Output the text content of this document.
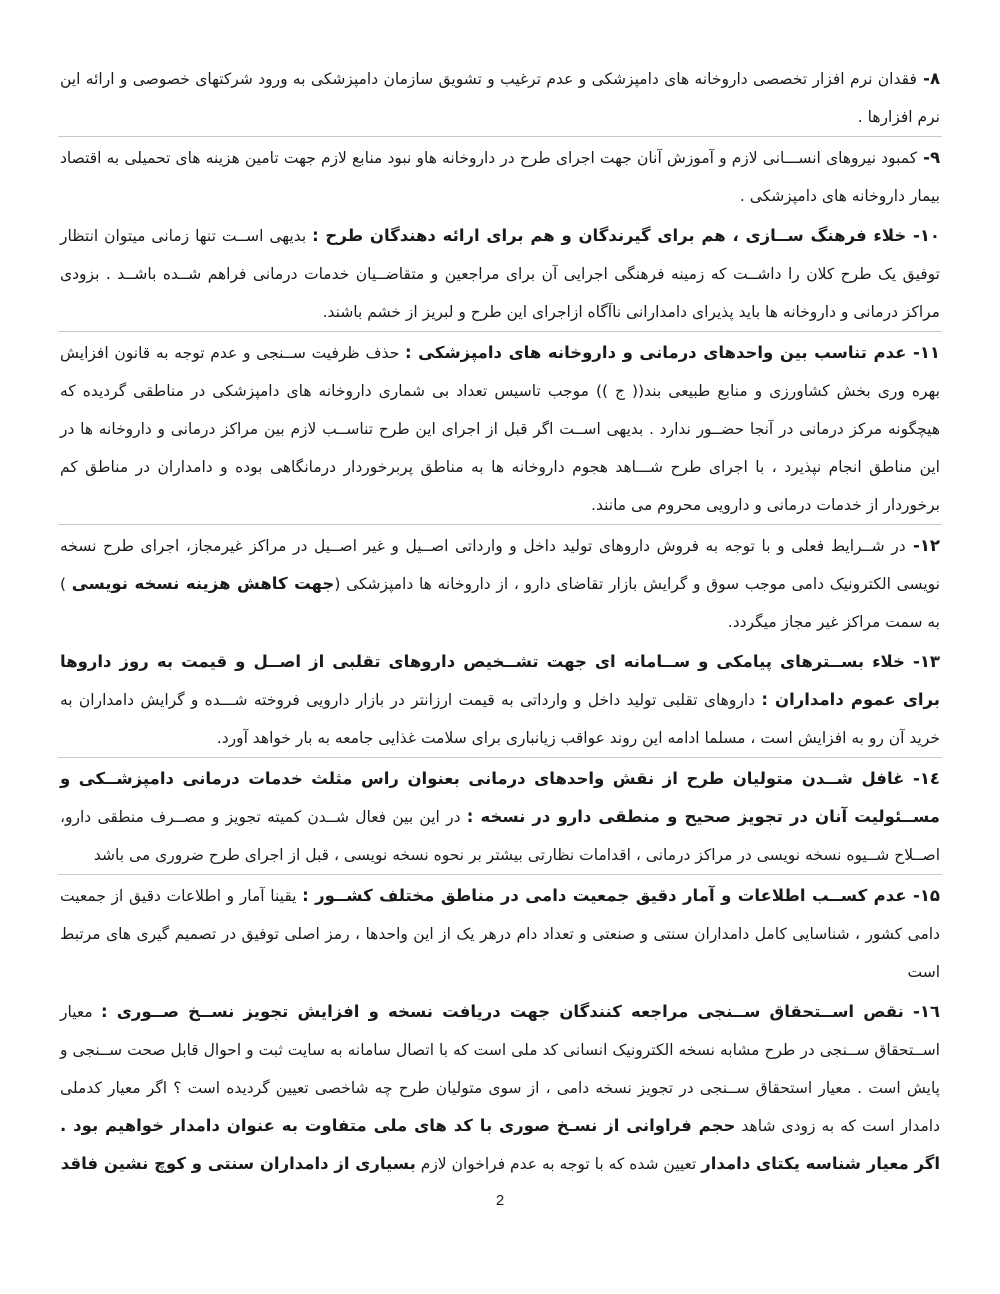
۸- فقدان نرم افزار تخصصی داروخانه های دامپزشکی و عدم ترغیب و تشویق سازمان دامپزشکی به ورود شرکتهای خصوصی و ارائه این نرم افزارها .

۹- کمبود نیروهای انســـانی لازم و آموزش آنان جهت اجرای طرح در داروخانه هاو نبود منابع لازم جهت تامین هزینه های تحمیلی به اقتصاد بیمار داروخانه های دامپزشکی .

۱۰- خلاء فرهنگ ســازی ، هم برای گیرندگان و هم برای ارائه دهندگان طرح : بدیهی اســت تنها زمانی میتوان انتظار توفیق یک طرح کلان را داشــت که زمینه فرهنگی اجرایی آن برای مراجعین و متقاضــیان خدمات درمانی فراهم شــده باشــد . بزودی مراکز درمانی و داروخانه ها باید پذیرای دامدارانی ناآگاه ازاجرای این طرح و لبریز از خشم باشند.

۱۱- عدم تناسب بین واحدهای درمانی و داروخانه های دامپزشکی : حذف ظرفیت ســنجی و عدم توجه به قانون افزایش بهره وری بخش کشاورزی و منابع طبیعی بند(( ج )) موجب تاسیس تعداد بی شماری داروخانه های دامپزشکی در مناطقی گردیده که هیچگونه مرکز درمانی در آنجا حضــور ندارد . بدیهی اســت اگر قبل از اجرای این طرح تناســب لازم بین مراکز درمانی و داروخانه ها در این مناطق انجام نپذیرد ، با اجرای طرح شـــاهد هجوم داروخانه ها به مناطق پربرخوردار درمانگاهی بوده و دامداران در مناطق کم برخوردار از خدمات درمانی و دارویی محروم می مانند.

۱۲- در شــرایط فعلی و با توجه به فروش داروهای تولید داخل و وارداتی اصــیل و غیر اصــیل در مراکز غیرمجاز، اجرای طرح نسخه نویسی الکترونیک دامی موجب سوق و گرایش بازار تقاضای دارو ، از داروخانه ها دامپزشکی (جهت کاهش هزینه نسخه نویسی ) به سمت مراکز غیر مجاز میگردد.

۱۳- خلاء بســترهای پیامکی و ســامانه ای جهت تشــخیص داروهای تقلبی از اصــل و قیمت به روز داروها برای عموم دامداران : داروهای تقلبی تولید داخل و وارداتی به قیمت ارزانتر در بازار دارویی فروخته شـــده و گرایش دامداران به خرید آن رو به افزایش است ، مسلما ادامه این روند عواقب زیانباری برای سلامت غذایی جامعه به بار خواهد آورد.

۱٤- غافل شــدن متولیان طرح از نقش واحدهای درمانی بعنوان راس مثلث خدمات درمانی دامپزشــکی و مســئولیت آنان در تجویز صحیح و منطقی دارو در نسخه : در این بین فعال شــدن کمیته تجویز و مصــرف منطقی دارو، اصــلاح شــیوه نسخه نویسی در مراکز درمانی ، اقدامات نظارتی بیشتر بر نحوه نسخه نویسی ، قبل از اجرای طرح ضروری می باشد

۱۵- عدم کســب اطلاعات و آمار دقیق جمعیت دامی در مناطق مختلف کشــور : یقینا آمار و اطلاعات دقیق از جمعیت دامی کشور ، شناسایی کامل دامداران سنتی و صنعتی و تعداد دام درهر یک از این واحدها ، رمز اصلی توفیق در تصمیم گیری های مرتبط است

۱٦- نقص اســتحقاق ســنجی مراجعه کنندگان جهت دریافت نسخه و افزایش تجویز نســخ صــوری : معیار اســتحقاق ســنجی در طرح مشابه نسخه الکترونیک انسانی کد ملی است که با اتصال سامانه به سایت ثبت و احوال قابل صحت ســنجی و پایش است . معیار استحقاق ســنجی در تجویز نسخه دامی ، از سوی متولیان طرح چه شاخصی تعیین گردیده است ؟ اگر معیار کدملی دامدار است که به زودی شاهد حجم فراوانی از نسـخ صوری با کد های ملی متفاوت به عنوان دامدار خواهیم بود . اگر معیار شناسه یکتای دامدار تعیین شده که با توجه به عدم فراخوان لازم بسیاری از دامداران سنتی و کوچ نشین فاقد

2
